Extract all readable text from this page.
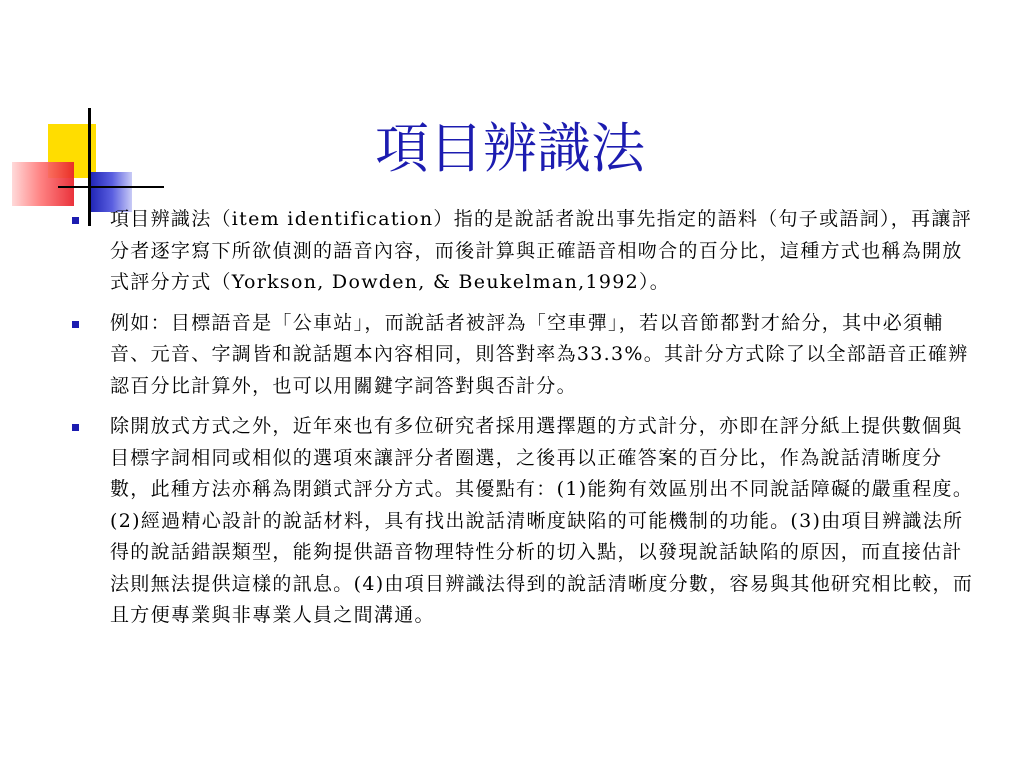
項目辨識法
項目辨識法（item identification）指的是說話者說出事先指定的語料（句子或語詞），再讓評分者逐字寫下所欲偵測的語音內容，而後計算與正確語音相吻合的百分比，這種方式也稱為開放式評分方式（Yorkson, Dowden, & Beukelman,1992）。
例如：目標語音是「公車站」，而說話者被評為「空車彈」，若以音節都對才給分，其中必須輔音、元音、字調皆和說話題本內容相同，則答對率為33.3%。其計分方式除了以全部語音正確辨認百分比計算外，也可以用關鍵字詞答對與否計分。
除開放式方式之外，近年來也有多位研究者採用選擇題的方式計分，亦即在評分紙上提供數個與目標字詞相同或相似的選項來讓評分者圈選，之後再以正確答案的百分比，作為說話清晰度分數，此種方法亦稱為閉鎖式評分方式。其優點有：(1)能夠有效區別出不同說話障礙的嚴重程度。(2)經過精心設計的說話材料，具有找出說話清晰度缺陷的可能機制的功能。(3)由項目辨識法所得的說話錯誤類型，能夠提供語音物理特性分析的切入點，以發現說話缺陷的原因，而直接估計法則無法提供這樣的訊息。(4)由項目辨識法得到的說話清晰度分數，容易與其他研究相比較，而且方便專業與非專業人員之間溝通。
